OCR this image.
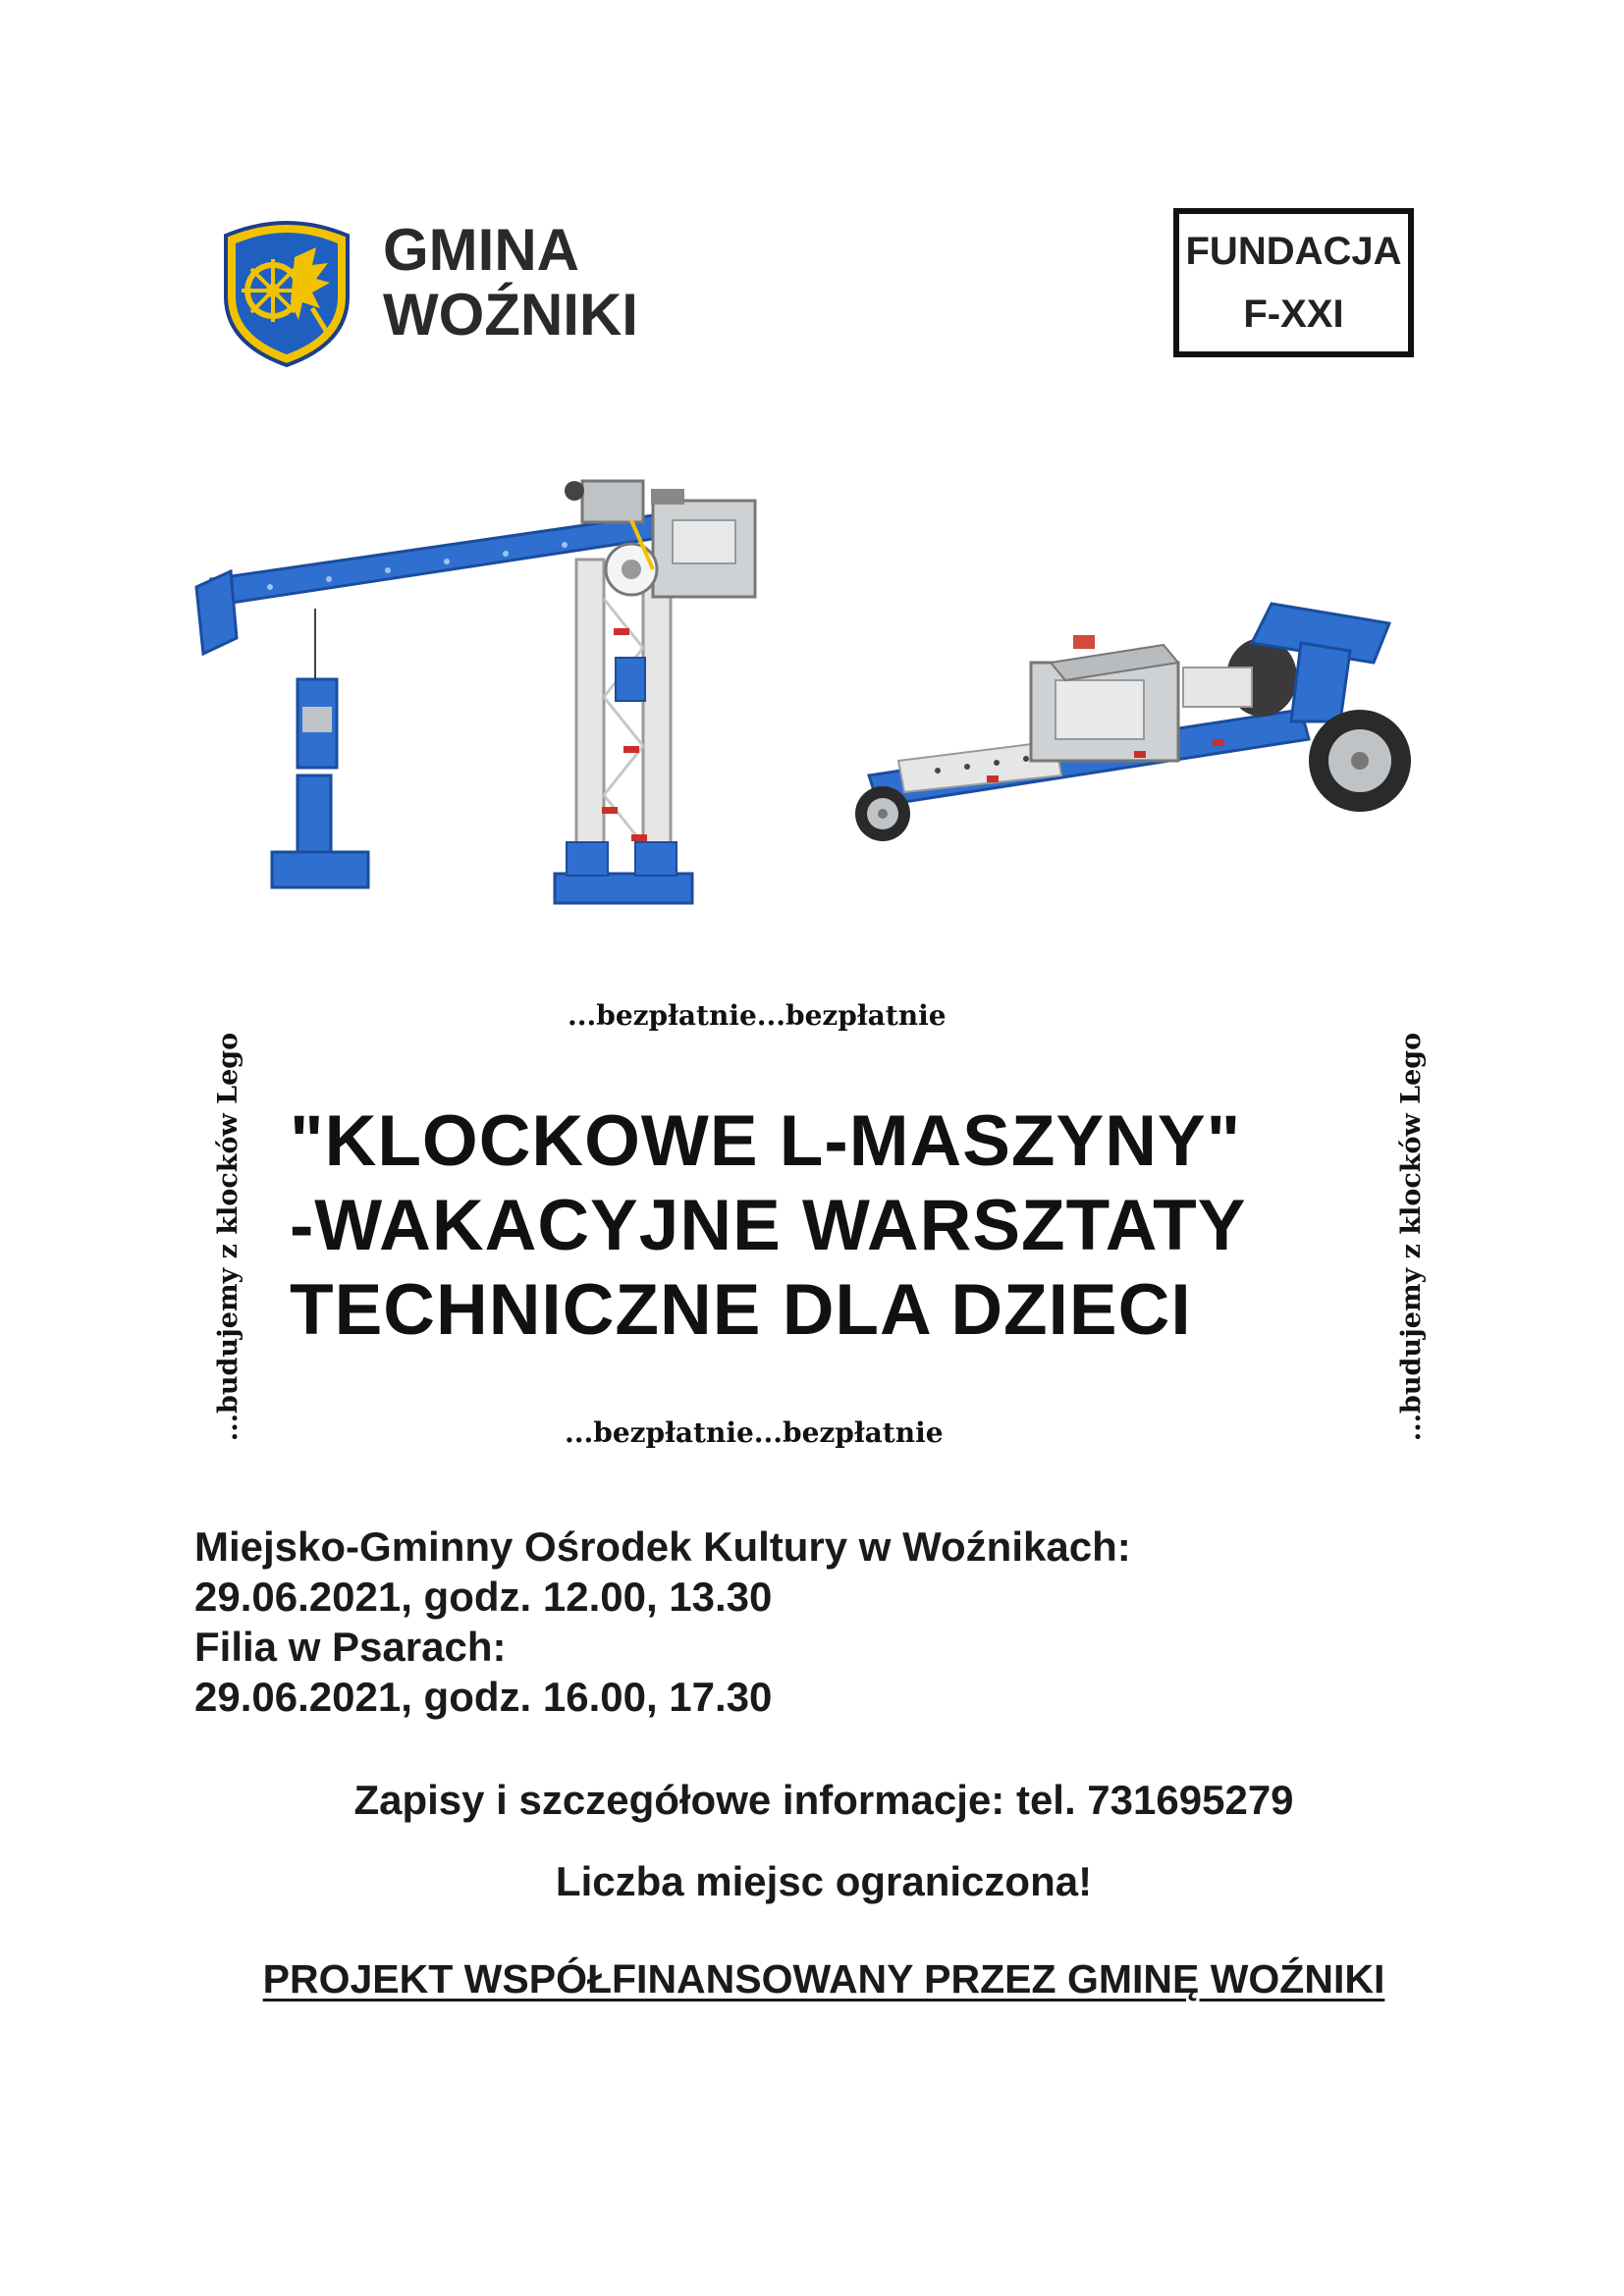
GMINA
WOŹNIKI
FUNDACJA
F-XXI
...bezpłatnie...bezpłatnie
...budujemy z klocków Lego	...budujemy z klocków Lego
"KLOCKOWE L-MASZYNY"
-WAKACYJNE WARSZTATY
TECHNICZNE DLA DZIECI
...bezpłatnie...bezpłatnie
Miejsko-Gminny Ośrodek Kultury w Woźnikach:
29.06.2021, godz. 12.00, 13.30
Filia w Psarach:
29.06.2021, godz. 16.00, 17.30
Zapisy i szczegółowe informacje: tel. 731695279
Liczba miejsc ograniczona!
PROJEKT WSPÓŁFINANSOWANY PRZEZ GMINĘ WOŹNIKI
